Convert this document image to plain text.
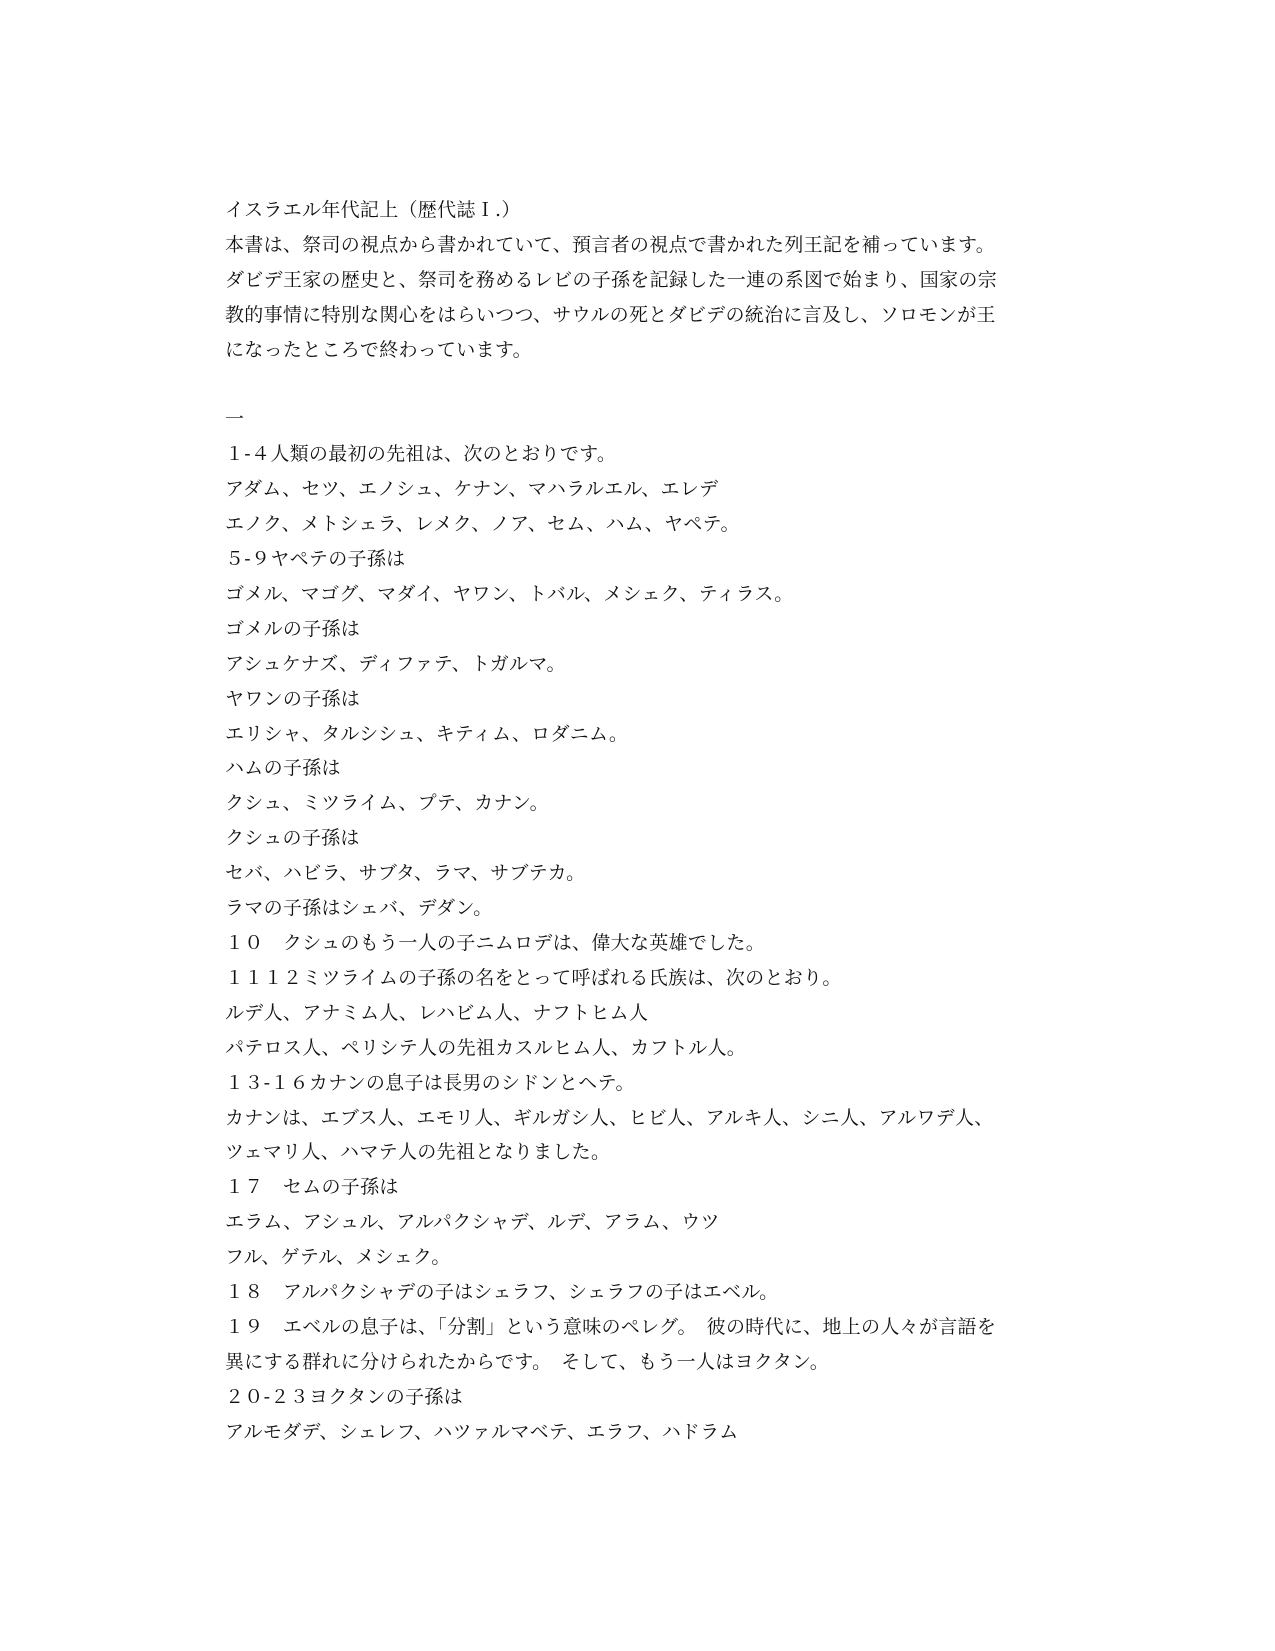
イスラエル年代記上（歴代誌Ｉ.）
本書は、祭司の視点から書かれていて、預言者の視点で書かれた列王記を補っています。
ダビデ王家の歴史と、祭司を務めるレビの子孫を記録した一連の系図で始まり、国家の宗
教的事情に特別な関心をはらいつつ、サウルの死とダビデの統治に言及し、ソロモンが王
になったところで終わっています。
一
１‐４人類の最初の先祖は、次のとおりです。
アダム、セツ、エノシュ、ケナン、マハラルエル、エレデ
エノク、メトシェラ、レメク、ノア、セム、ハム、ヤペテ。
５‐９ヤペテの子孫は
ゴメル、マゴグ、マダイ、ヤワン、トバル、メシェク、ティラス。
ゴメルの子孫は
アシュケナズ、ディファテ、トガルマ。
ヤワンの子孫は
エリシャ、タルシシュ、キティム、ロダニム。
ハムの子孫は
クシュ、ミツライム、プテ、カナン。
クシュの子孫は
セバ、ハビラ、サブタ、ラマ、サブテカ。
ラマの子孫はシェバ、デダン。
１０　クシュのもう一人の子ニムロデは、偉大な英雄でした。
１１１２ミツライムの子孫の名をとって呼ばれる氏族は、次のとおり。
ルデ人、アナミム人、レハビム人、ナフトヒム人
パテロス人、ペリシテ人の先祖カスルヒム人、カフトル人。
１３‐１６カナンの息子は長男のシドンとヘテ。
カナンは、エブス人、エモリ人、ギルガシ人、ヒビ人、アルキ人、シニ人、アルワデ人、
ツェマリ人、ハマテ人の先祖となりました。
１７　セムの子孫は
エラム、アシュル、アルパクシャデ、ルデ、アラム、ウツ
フル、ゲテル、メシェク。
１８　アルパクシャデの子はシェラフ、シェラフの子はエベル。
１９　エベルの息子は、「分割」という意味のペレグ。　彼の時代に、地上の人々が言語を
異にする群れに分けられたからです。　そして、もう一人はヨクタン。
２０‐２３ヨクタンの子孫は
アルモダデ、シェレフ、ハツァルマベテ、エラフ、ハドラム
